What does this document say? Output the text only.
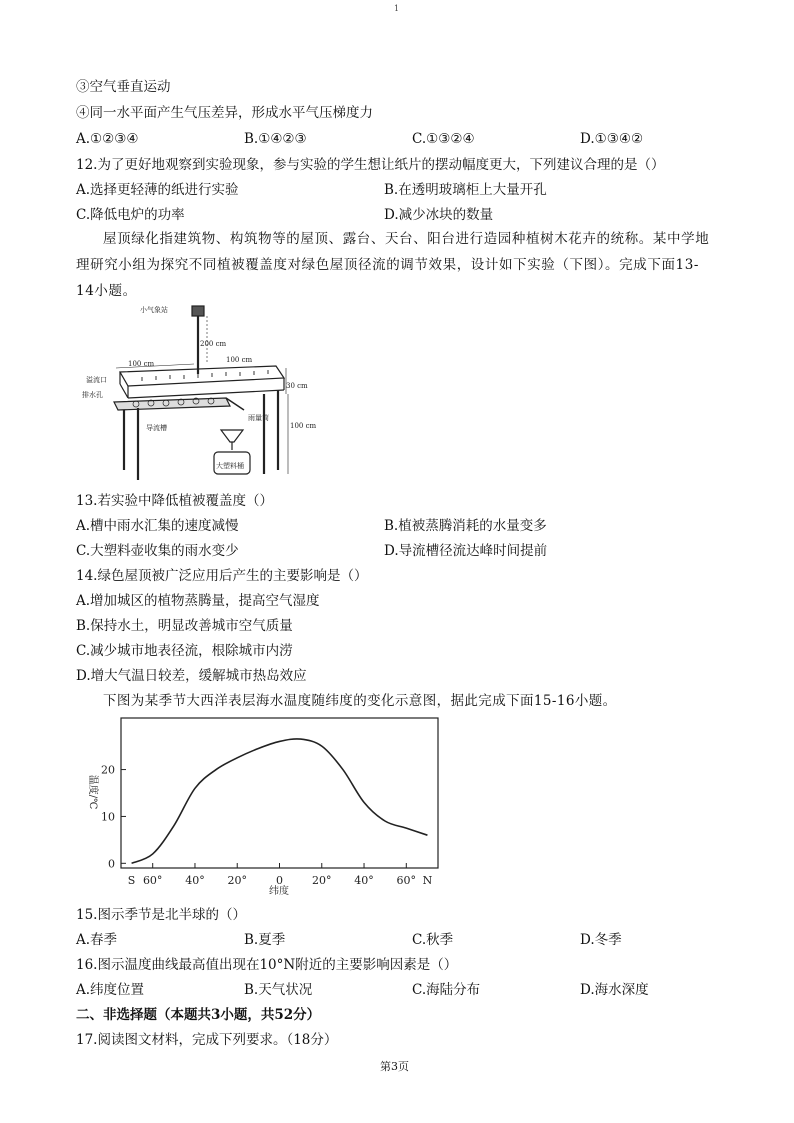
1
③空气垂直运动
④同一水平面产生气压差异，形成水平气压梯度力
A.①②③④	B.①④②③	C.①③②④	D.①③④②
12.为了更好地观察到实验现象，参与实验的学生想让纸片的摆动幅度更大，下列建议合理的是（）
A.选择更轻薄的纸进行实验	B.在透明玻璃柜上大量开孔
C.降低电炉的功率	D.减少冰块的数量
屋顶绿化指建筑物、构筑物等的屋顶、露台、天台、阳台进行造园种植树木花卉的统称。某中学地理研究小组为探究不同植被覆盖度对绿色屋顶径流的调节效果，设计如下实验（下图）。完成下面13-14小题。
小气象站
200 cm
100 cm	100 cm
溢流口
排水孔
30 cm
100 cm
导流槽
雨量筒
大塑料桶
13.若实验中降低植被覆盖度（）
A.槽中雨水汇集的速度减慢	B.植被蒸腾消耗的水量变多
C.大塑料壶收集的雨水变少	D.导流槽径流达峰时间提前
14.绿色屋顶被广泛应用后产生的主要影响是（）
A.增加城区的植物蒸腾量，提高空气湿度
B.保持水土，明显改善城市空气质量
C.减少城市地表径流，根除城市内涝
D.增大气温日较差，缓解城市热岛效应
下图为某季节大西洋表层海水温度随纬度的变化示意图，据此完成下面15-16小题。
0
10
20
S 60° 40° 20°	0	20° 40° 60° N
温度/℃
纬度
15.图示季节是北半球的（）
A.春季	B.夏季	C.秋季	D.冬季
16.图示温度曲线最高值出现在10°N附近的主要影响因素是（）
A.纬度位置	B.天气状况	C.海陆分布	D.海水深度
二、非选择题（本题共3小题，共52分）
17.阅读图文材料，完成下列要求。（18分）
第3页
